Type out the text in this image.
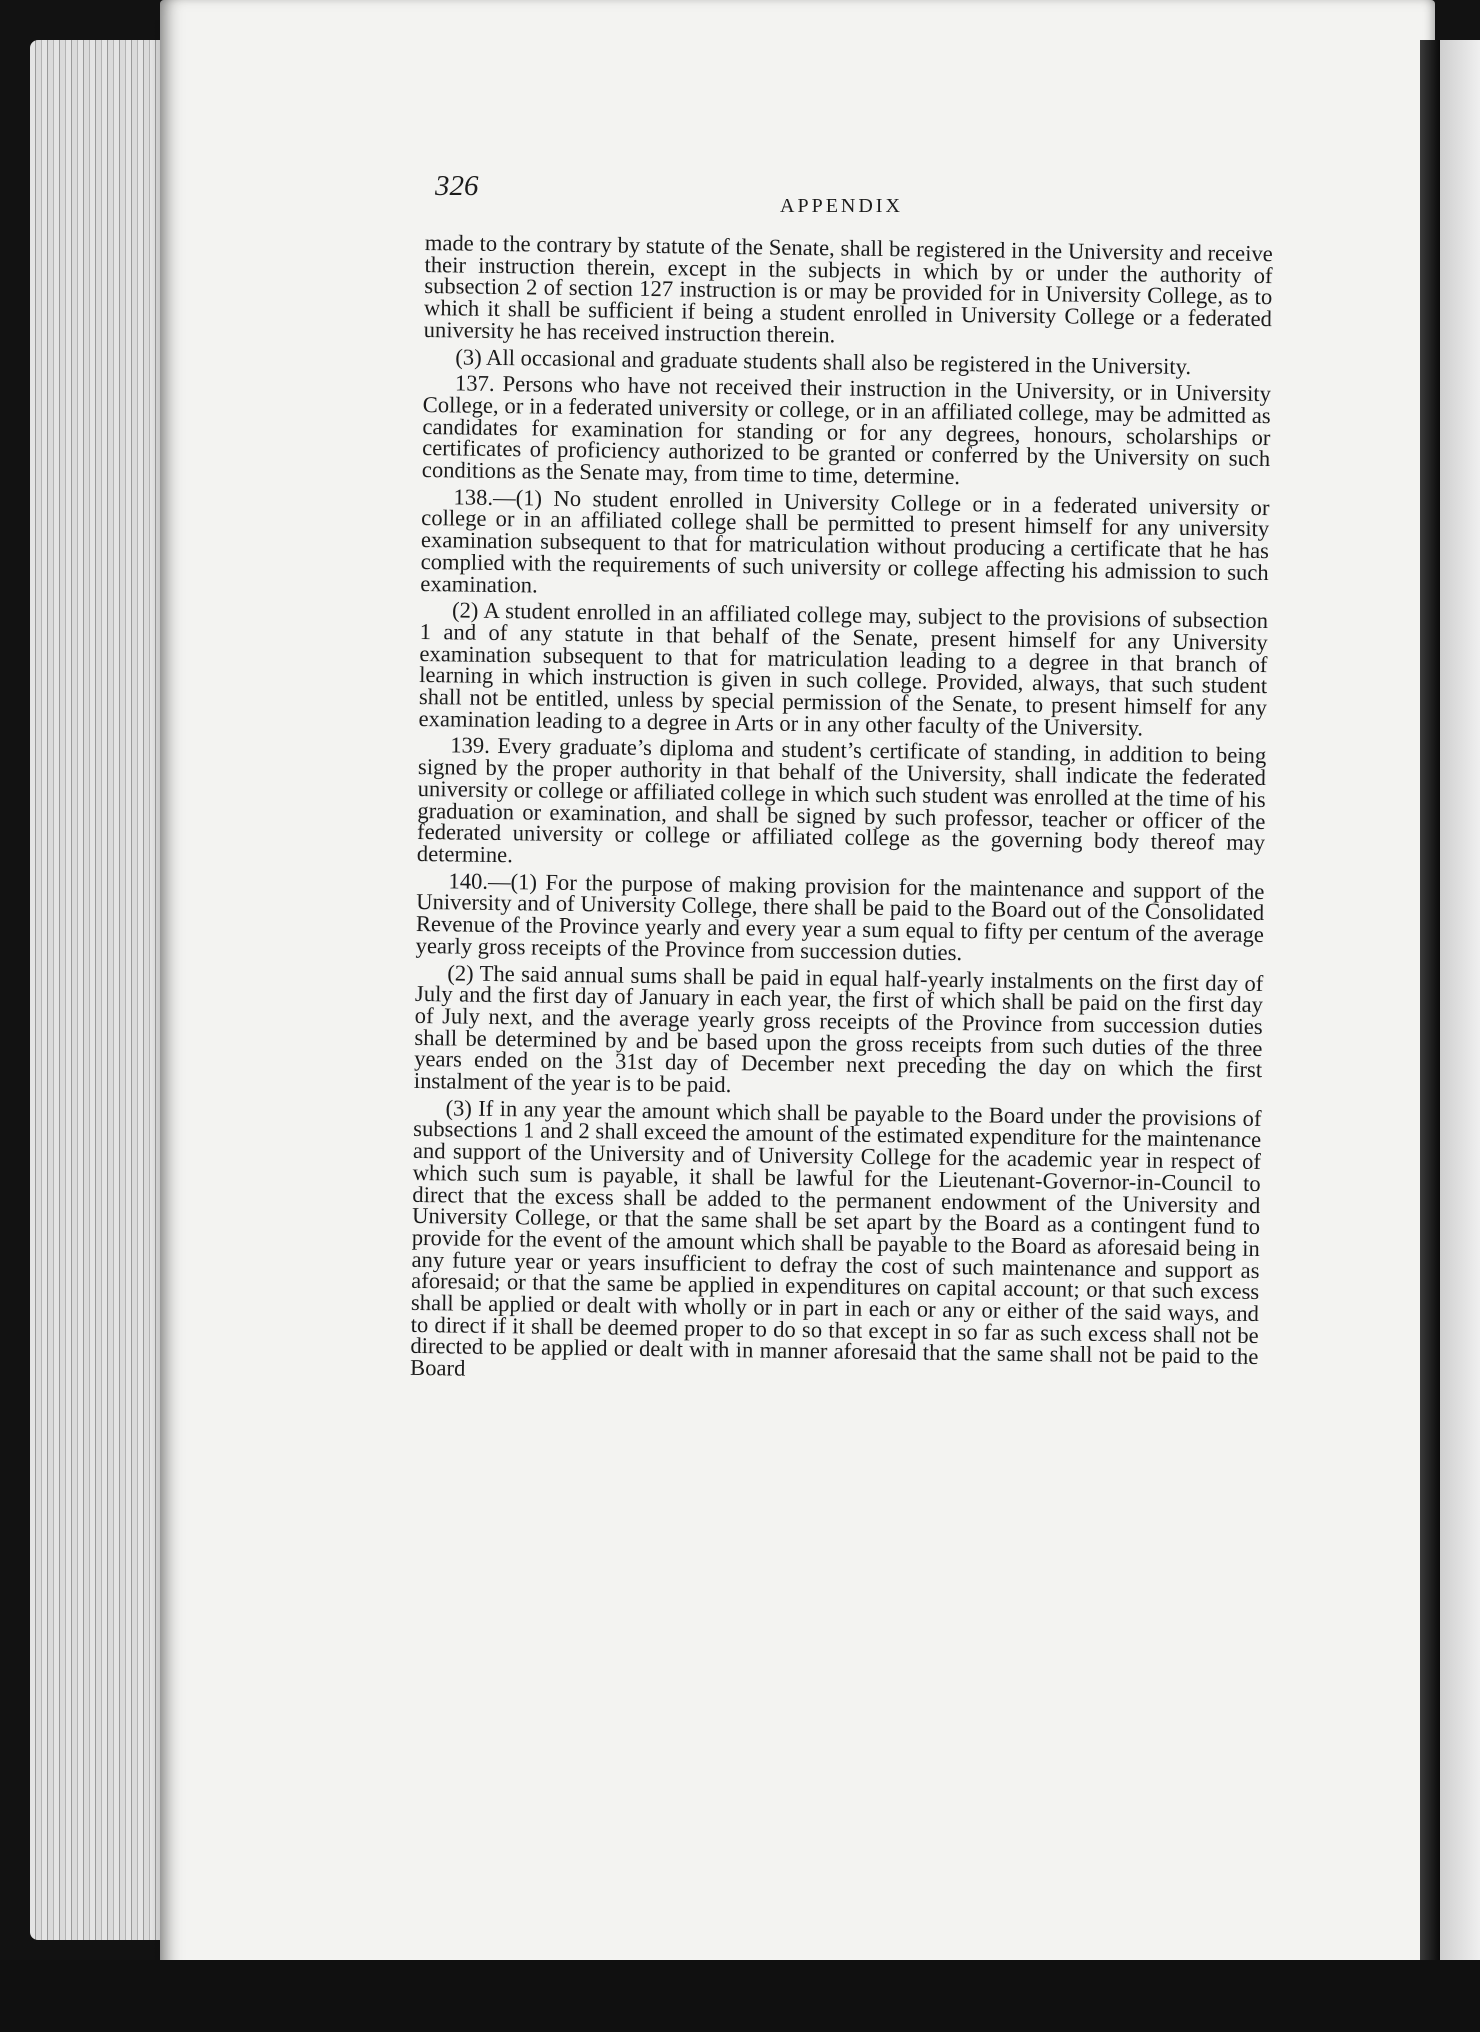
326
APPENDIX

made to the contrary by statute of the Senate, shall be registered in the University and receive their instruction therein, except in the subjects in which by or under the authority of subsection 2 of section 127 instruction is or may be provided for in University College, as to which it shall be sufficient if being a student enrolled in University College or a federated university he has received instruction therein.

(3) All occasional and graduate students shall also be registered in the University.

137. Persons who have not received their instruction in the University, or in University College, or in a federated university or college, or in an affiliated college, may be admitted as candidates for examination for standing or for any degrees, honours, scholarships or certificates of proficiency authorized to be granted or conferred by the University on such conditions as the Senate may, from time to time, determine.

138.—(1) No student enrolled in University College or in a federated university or college or in an affiliated college shall be permitted to present himself for any university examination subsequent to that for matriculation without producing a certificate that he has complied with the requirements of such university or college affecting his admission to such examination.

(2) A student enrolled in an affiliated college may, subject to the provisions of subsection 1 and of any statute in that behalf of the Senate, present himself for any University examination subsequent to that for matriculation leading to a degree in that branch of learning in which instruction is given in such college. Provided, always, that such student shall not be entitled, unless by special permission of the Senate, to present himself for any examination leading to a degree in Arts or in any other faculty of the University.

139. Every graduate’s diploma and student’s certificate of standing, in addition to being signed by the proper authority in that behalf of the University, shall indicate the federated university or college or affiliated college in which such student was enrolled at the time of his graduation or examination, and shall be signed by such professor, teacher or officer of the federated university or college or affiliated college as the governing body thereof may determine.

140.—(1) For the purpose of making provision for the maintenance and support of the University and of University College, there shall be paid to the Board out of the Consolidated Revenue of the Province yearly and every year a sum equal to fifty per centum of the average yearly gross receipts of the Province from succession duties.

(2) The said annual sums shall be paid in equal half-yearly instalments on the first day of July and the first day of January in each year, the first of which shall be paid on the first day of July next, and the average yearly gross receipts of the Province from succession duties shall be determined by and be based upon the gross receipts from such duties of the three years ended on the 31st day of December next preceding the day on which the first instalment of the year is to be paid.

(3) If in any year the amount which shall be payable to the Board under the provisions of subsections 1 and 2 shall exceed the amount of the estimated expenditure for the maintenance and support of the University and of University College for the academic year in respect of which such sum is payable, it shall be lawful for the Lieutenant-Governor-in-Council to direct that the excess shall be added to the permanent endowment of the University and University College, or that the same shall be set apart by the Board as a contingent fund to provide for the event of the amount which shall be payable to the Board as aforesaid being in any future year or years insufficient to defray the cost of such maintenance and support as aforesaid; or that the same be applied in expenditures on capital account; or that such excess shall be applied or dealt with wholly or in part in each or any or either of the said ways, and to direct if it shall be deemed proper to do so that except in so far as such excess shall not be directed to be applied or dealt with in manner aforesaid that the same shall not be paid to the Board
